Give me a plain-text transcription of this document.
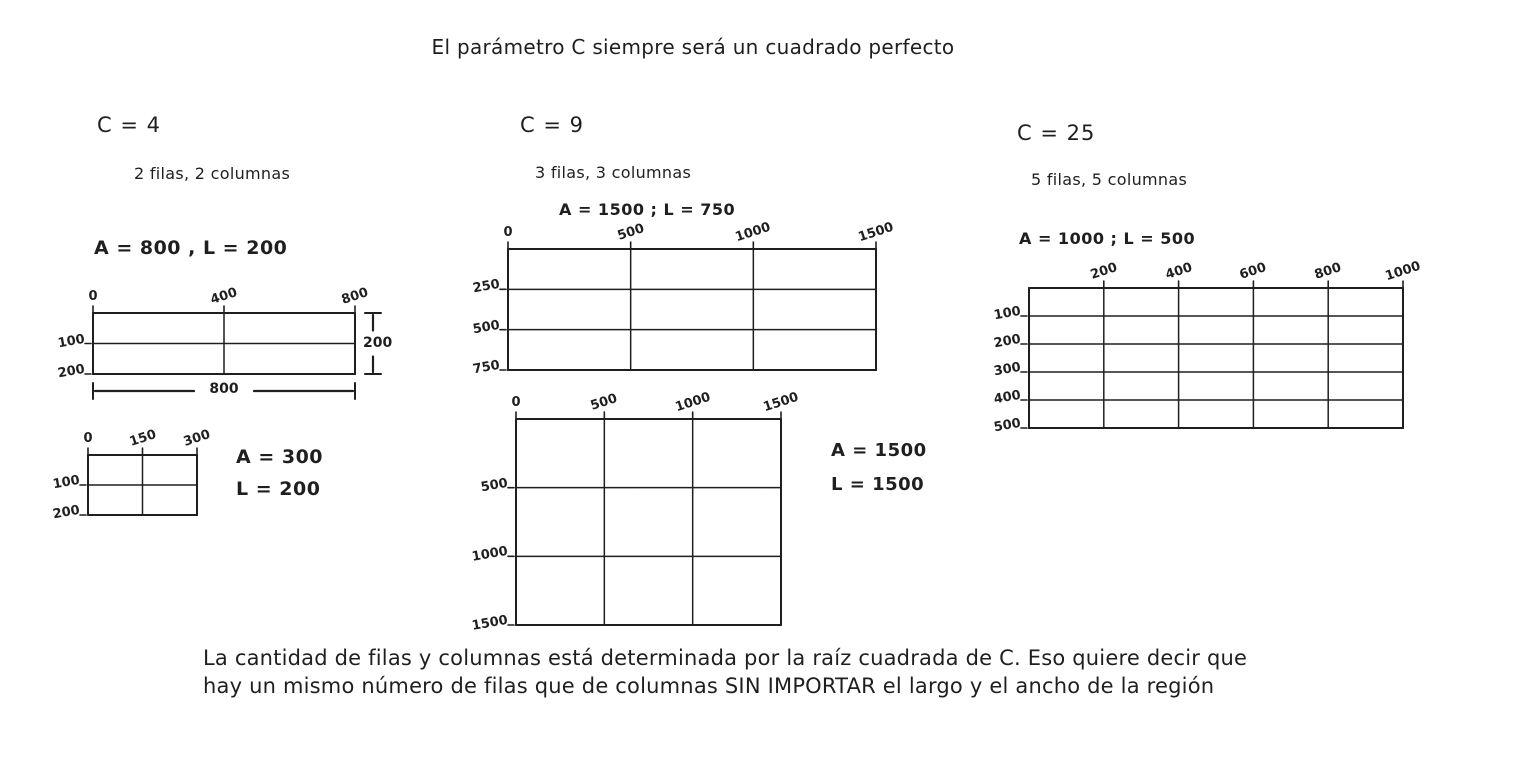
El parámetro C siempre será un cuadrado perfecto
C = 4
2 filas, 2 columnas
A = 800 , L = 200
0	400	800
100
200
800
200
0	150	300
100
200
A = 300
L = 200
C = 9
3 filas, 3 columnas
A = 1500 ; L = 750
0	500	1000	1500
250
500
750
0	500	1000	1500
500
1000
1500
A = 1500
L = 1500
C = 25
5 filas, 5 columnas
A = 1000 ; L = 500
200	400	600	800	1000
100
200
300
400
500
La cantidad de filas y columnas está determinada por la raíz cuadrada de C. Eso quiere decir que
hay un mismo número de filas que de columnas SIN IMPORTAR el largo y el ancho de la región
